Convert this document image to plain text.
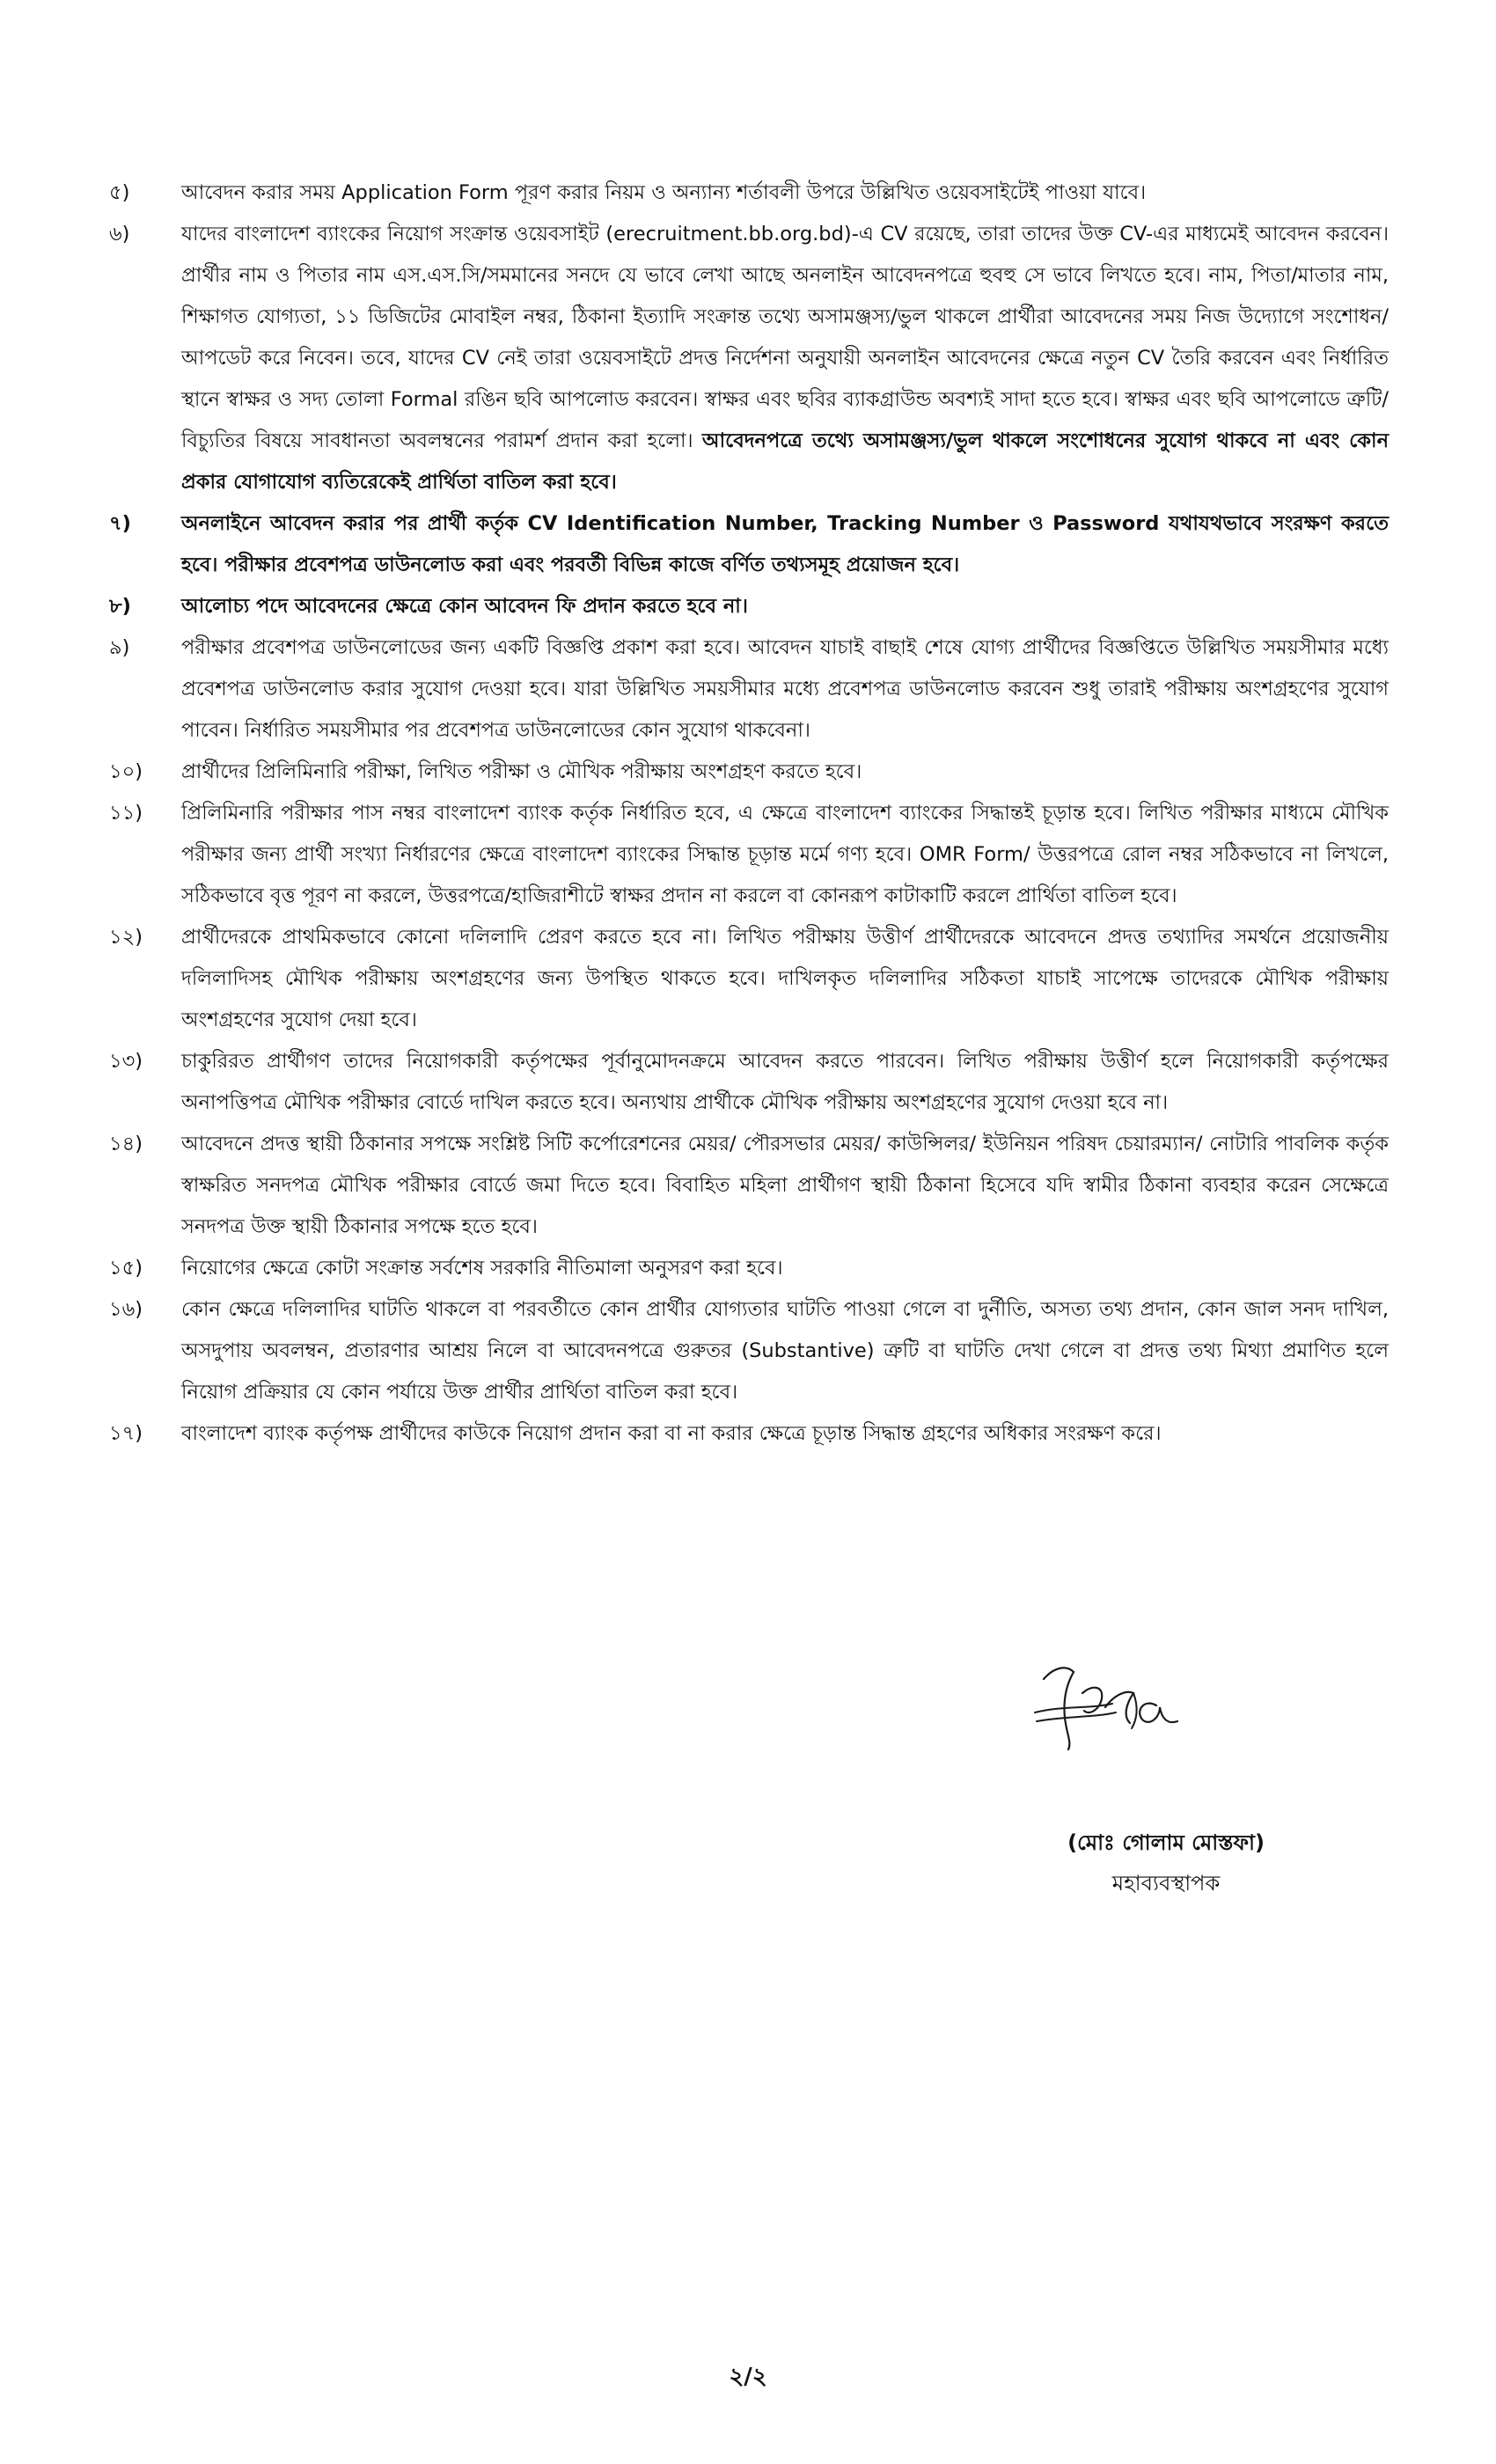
৫)	আবেদন করার সময় Application Form পূরণ করার নিয়ম ও অন্যান্য শর্তাবলী উপরে উল্লিখিত ওয়েবসাইটেই পাওয়া যাবে।
৬)	যাদের বাংলাদেশ ব্যাংকের নিয়োগ সংক্রান্ত ওয়েবসাইট (erecruitment.bb.org.bd)-এ CV রয়েছে, তারা তাদের উক্ত CV-এর মাধ্যমেই আবেদন করবেন। প্রার্থীর নাম ও পিতার নাম এস.এস.সি/সমমানের সনদে যে ভাবে লেখা আছে অনলাইন আবেদনপত্রে হুবহু সে ভাবে লিখতে হবে। নাম, পিতা/মাতার নাম, শিক্ষাগত যোগ্যতা, ১১ ডিজিটের মোবাইল নম্বর, ঠিকানা ইত্যাদি সংক্রান্ত তথ্যে অসামঞ্জস্য/ভুল থাকলে প্রার্থীরা আবেদনের সময় নিজ উদ্যোগে সংশোধন/আপডেট করে নিবেন। তবে, যাদের CV নেই তারা ওয়েবসাইটে প্রদত্ত নির্দেশনা অনুযায়ী অনলাইন আবেদনের ক্ষেত্রে নতুন CV তৈরি করবেন এবং নির্ধারিত স্থানে স্বাক্ষর ও সদ্য তোলা Formal রঙিন ছবি আপলোড করবেন। স্বাক্ষর এবং ছবির ব্যাকগ্রাউন্ড অবশ্যই সাদা হতে হবে। স্বাক্ষর এবং ছবি আপলোডে ত্রুটি/বিচ্যুতির বিষয়ে সাবধানতা অবলম্বনের পরামর্শ প্রদান করা হলো। আবেদনপত্রে তথ্যে অসামঞ্জস্য/ভুল থাকলে সংশোধনের সুযোগ থাকবে না এবং কোন প্রকার যোগাযোগ ব্যতিরেকেই প্রার্থিতা বাতিল করা হবে।
৭)	অনলাইনে আবেদন করার পর প্রার্থী কর্তৃক CV Identification Number, Tracking Number ও Password যথাযথভাবে সংরক্ষণ করতে হবে। পরীক্ষার প্রবেশপত্র ডাউনলোড করা এবং পরবর্তী বিভিন্ন কাজে বর্ণিত তথ্যসমূহ প্রয়োজন হবে।
৮)	আলোচ্য পদে আবেদনের ক্ষেত্রে কোন আবেদন ফি প্রদান করতে হবে না।
৯)	পরীক্ষার প্রবেশপত্র ডাউনলোডের জন্য একটি বিজ্ঞপ্তি প্রকাশ করা হবে। আবেদন যাচাই বাছাই শেষে যোগ্য প্রার্থীদের বিজ্ঞপ্তিতে উল্লিখিত সময়সীমার মধ্যে প্রবেশপত্র ডাউনলোড করার সুযোগ দেওয়া হবে। যারা উল্লিখিত সময়সীমার মধ্যে প্রবেশপত্র ডাউনলোড করবেন শুধু তারাই পরীক্ষায় অংশগ্রহণের সুযোগ পাবেন। নির্ধারিত সময়সীমার পর প্রবেশপত্র ডাউনলোডের কোন সুযোগ থাকবেনা।
১০)	প্রার্থীদের প্রিলিমিনারি পরীক্ষা, লিখিত পরীক্ষা ও মৌখিক পরীক্ষায় অংশগ্রহণ করতে হবে।
১১)	প্রিলিমিনারি পরীক্ষার পাস নম্বর বাংলাদেশ ব্যাংক কর্তৃক নির্ধারিত হবে, এ ক্ষেত্রে বাংলাদেশ ব্যাংকের সিদ্ধান্তই চূড়ান্ত হবে। লিখিত পরীক্ষার মাধ্যমে মৌখিক পরীক্ষার জন্য প্রার্থী সংখ্যা নির্ধারণের ক্ষেত্রে বাংলাদেশ ব্যাংকের সিদ্ধান্ত চূড়ান্ত মর্মে গণ্য হবে। OMR Form/ উত্তরপত্রে রোল নম্বর সঠিকভাবে না লিখলে, সঠিকভাবে বৃত্ত পূরণ না করলে, উত্তরপত্রে/হাজিরাশীটে স্বাক্ষর প্রদান না করলে বা কোনরূপ কাটাকাটি করলে প্রার্থিতা বাতিল হবে।
১২)	প্রার্থীদেরকে প্রাথমিকভাবে কোনো দলিলাদি প্রেরণ করতে হবে না। লিখিত পরীক্ষায় উত্তীর্ণ প্রার্থীদেরকে আবেদনে প্রদত্ত তথ্যাদির সমর্থনে প্রয়োজনীয় দলিলাদিসহ মৌখিক পরীক্ষায় অংশগ্রহণের জন্য উপস্থিত থাকতে হবে। দাখিলকৃত দলিলাদির সঠিকতা যাচাই সাপেক্ষে তাদেরকে মৌখিক পরীক্ষায় অংশগ্রহণের সুযোগ দেয়া হবে।
১৩)	চাকুরিরত প্রার্থীগণ তাদের নিয়োগকারী কর্তৃপক্ষের পূর্বানুমোদনক্রমে আবেদন করতে পারবেন। লিখিত পরীক্ষায় উত্তীর্ণ হলে নিয়োগকারী কর্তৃপক্ষের অনাপত্তিপত্র মৌখিক পরীক্ষার বোর্ডে দাখিল করতে হবে। অন্যথায় প্রার্থীকে মৌখিক পরীক্ষায় অংশগ্রহণের সুযোগ দেওয়া হবে না।
১৪)	আবেদনে প্রদত্ত স্থায়ী ঠিকানার সপক্ষে সংশ্লিষ্ট সিটি কর্পোরেশনের মেয়র/ পৌরসভার মেয়র/ কাউন্সিলর/ ইউনিয়ন পরিষদ চেয়ারম্যান/ নোটারি পাবলিক কর্তৃক স্বাক্ষরিত সনদপত্র মৌখিক পরীক্ষার বোর্ডে জমা দিতে হবে। বিবাহিত মহিলা প্রার্থীগণ স্থায়ী ঠিকানা হিসেবে যদি স্বামীর ঠিকানা ব্যবহার করেন সেক্ষেত্রে সনদপত্র উক্ত স্থায়ী ঠিকানার সপক্ষে হতে হবে।
১৫)	নিয়োগের ক্ষেত্রে কোটা সংক্রান্ত সর্বশেষ সরকারি নীতিমালা অনুসরণ করা হবে।
১৬)	কোন ক্ষেত্রে দলিলাদির ঘাটতি থাকলে বা পরবর্তীতে কোন প্রার্থীর যোগ্যতার ঘাটতি পাওয়া গেলে বা দুর্নীতি, অসত্য তথ্য প্রদান, কোন জাল সনদ দাখিল, অসদুপায় অবলম্বন, প্রতারণার আশ্রয় নিলে বা আবেদনপত্রে গুরুতর (Substantive) ত্রুটি বা ঘাটতি দেখা গেলে বা প্রদত্ত তথ্য মিথ্যা প্রমাণিত হলে নিয়োগ প্রক্রিয়ার যে কোন পর্যায়ে উক্ত প্রার্থীর প্রার্থিতা বাতিল করা হবে।
১৭)	বাংলাদেশ ব্যাংক কর্তৃপক্ষ প্রার্থীদের কাউকে নিয়োগ প্রদান করা বা না করার ক্ষেত্রে চূড়ান্ত সিদ্ধান্ত গ্রহণের অধিকার সংরক্ষণ করে।
(মোঃ গোলাম মোস্তফা)
মহাব্যবস্থাপক
২/২
